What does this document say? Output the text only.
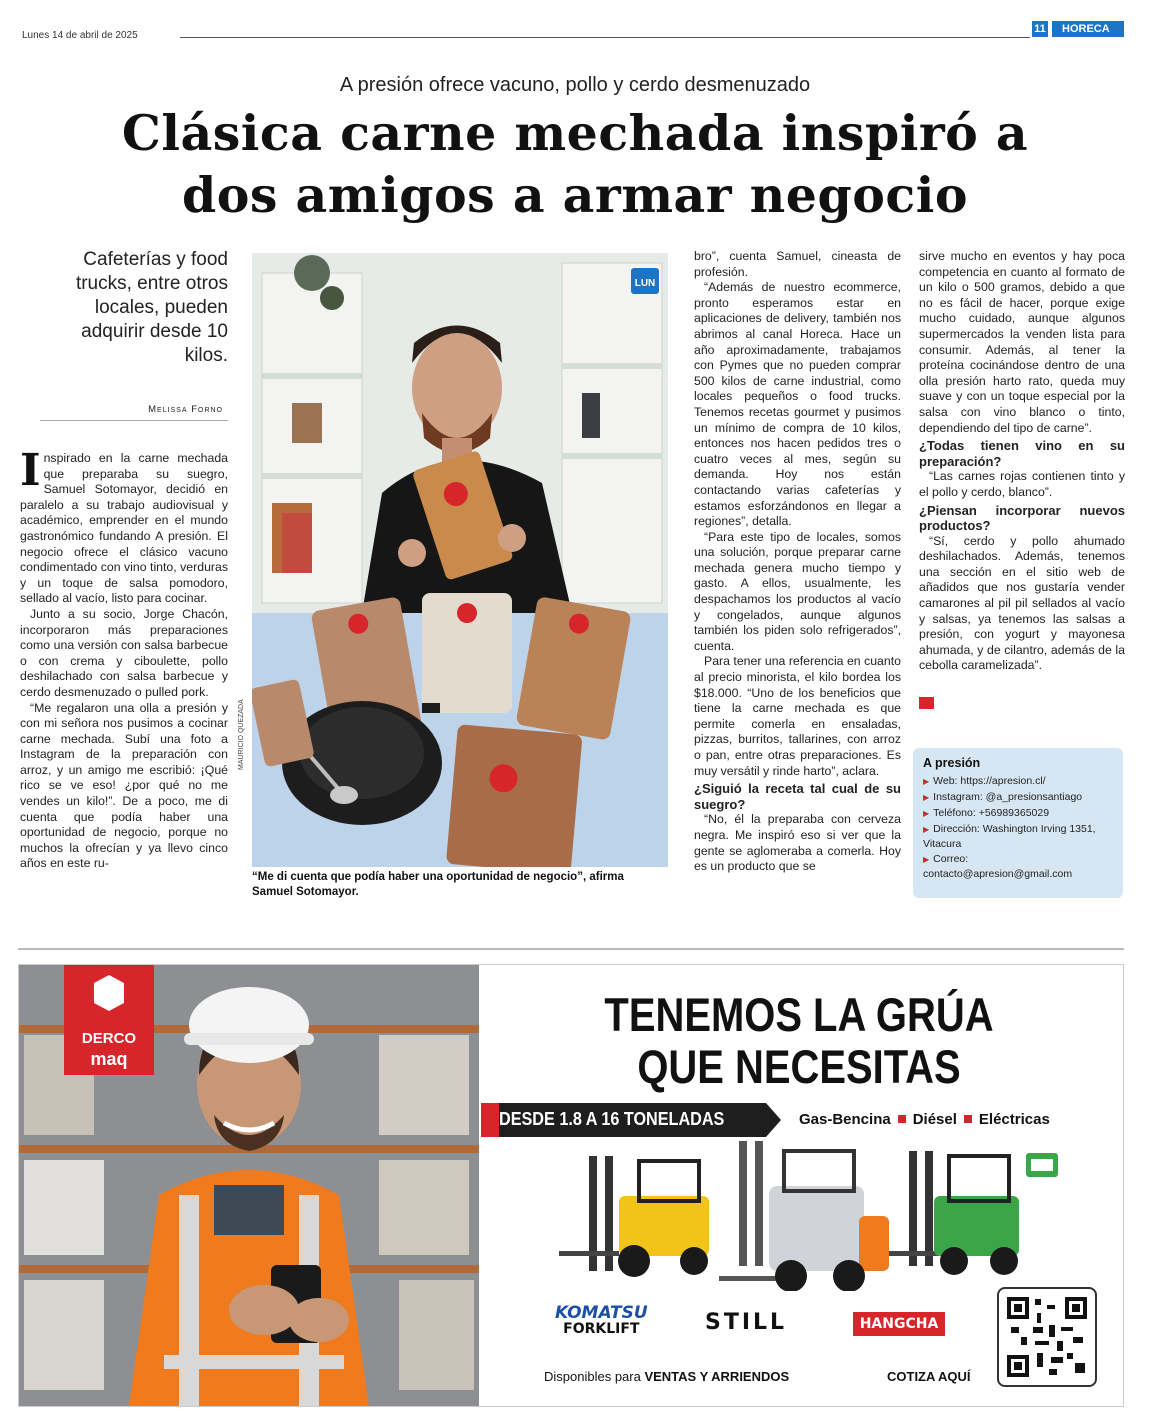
Lunes 14 de abril de 2025
11	HORECA
A presión ofrece vacuno, pollo y cerdo desmenuzado
Clásica carne mechada inspiró a
dos amigos a armar negocio
Cafeterías y food trucks, entre otros locales, pueden adquirir desde 10 kilos.
Melissa Forno

Inspirado en la carne mechada que preparaba su suegro, Samuel Sotomayor, decidió en paralelo a su trabajo audiovisual y académico, emprender en el mundo gastronómico fundando A presión. El negocio ofrece el clásico vacuno condimentado con vino tinto, verduras y un toque de salsa pomodoro, sellado al vacío, listo para cocinar.

Junto a su socio, Jorge Chacón, incorporaron más preparaciones como una versión con salsa barbecue o con crema y ciboulette, pollo deshilachado con salsa barbecue y cerdo desmenuzado o pulled pork.

“Me regalaron una olla a presión y con mi señora nos pusimos a cocinar carne mechada. Subí una foto a Instagram de la preparación con arroz, y un amigo me escribió: ¡Qué rico se ve eso! ¿por qué no me vendes un kilo!”. De a poco, me di cuenta que podía haber una oportunidad de negocio, porque no muchos la ofrecían y ya llevo cinco años en este ru-

LUN
MAURICIO QUEZADA
“Me di cuenta que podía haber una oportunidad de negocio”, afirma Samuel Sotomayor.

bro”, cuenta Samuel, cineasta de profesión.

“Además de nuestro ecommerce, pronto esperamos estar en aplicaciones de delivery, también nos abrimos al canal Horeca. Hace un año aproximadamente, trabajamos con Pymes que no pueden comprar 500 kilos de carne industrial, como locales pequeños o food trucks. Tenemos recetas gourmet y pusimos un mínimo de compra de 10 kilos, entonces nos hacen pedidos tres o cuatro veces al mes, según su demanda. Hoy nos están contactando varias cafeterías y estamos esforzándonos en llegar a regiones”, detalla.

“Para este tipo de locales, somos una solución, porque preparar carne mechada genera mucho tiempo y gasto. A ellos, usualmente, les despachamos los productos al vacío y congelados, aunque algunos también los piden solo refrigerados”, cuenta.

Para tener una referencia en cuanto al precio minorista, el kilo bordea los $18.000. “Uno de los beneficios que tiene la carne mechada es que permite comerla en ensaladas, pizzas, burritos, tallarines, con arroz o pan, entre otras preparaciones. Es muy versátil y rinde harto”, aclara.

¿Siguió la receta tal cual de su suegro?

“No, él la preparaba con cerveza negra. Me inspiró eso si ver que la gente se aglomeraba a comerla. Hoy es un producto que se

sirve mucho en eventos y hay poca competencia en cuanto al formato de un kilo o 500 gramos, debido a que no es fácil de hacer, porque exige mucho cuidado, aunque algunos supermercados la venden lista para consumir. Además, al tener la proteína cocinándose dentro de una olla presión harto rato, queda muy suave y con un toque especial por la salsa con vino blanco o tinto, dependiendo del tipo de carne”.

¿Todas tienen vino en su preparación?

“Las carnes rojas contienen tinto y el pollo y cerdo, blanco”.

¿Piensan incorporar nuevos productos?

“Sí, cerdo y pollo ahumado deshilachados. Además, tenemos una sección en el sitio web de añadidos que nos gustaría vender camarones al pil pil sellados al vacío y salsas, ya tenemos las salsas a presión, con yogurt y mayonesa ahumada, y de cilantro, además de la cebolla caramelizada”.

A presión
▶ Web: https://apresion.cl/
▶ Instagram: @a_presionsantiago
▶ Teléfono: +56989365029
▶ Dirección: Washington Irving 1351, Vitacura
▶ Correo: contacto@apresion@gmail.com
DERCO
maq
TENEMOS LA GRÚA
QUE NECESITAS
DESDE 1.8 A 16 TONELADAS	Gas-Bencina Diésel Eléctricas
KOMATSU
FORKLIFT	STILL	HANGCHA
Disponibles para VENTAS Y ARRIENDOS	COTIZA AQUÍ
